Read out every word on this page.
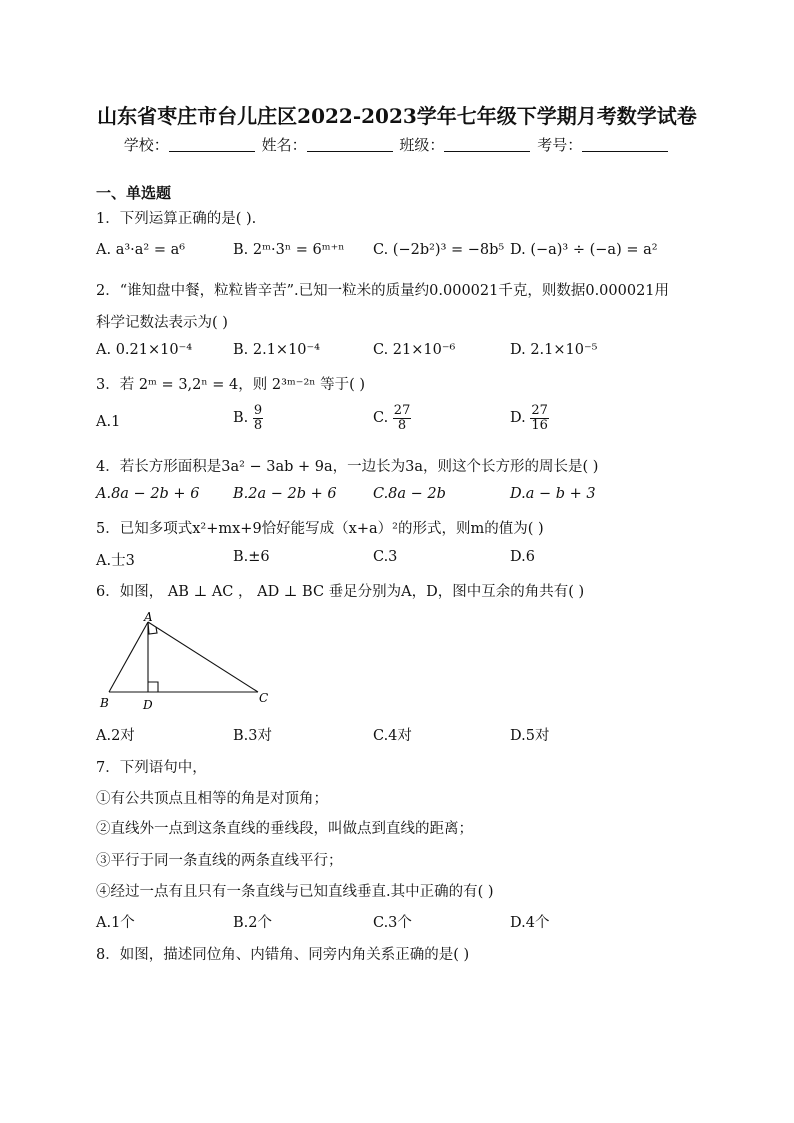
山东省枣庄市台儿庄区2022-2023学年七年级下学期月考数学试卷
学校：	姓名：	班级：	考号：
一、单选题
1．下列运算正确的是( ).
A. a³·a² = a⁶	B. 2ᵐ·3ⁿ = 6ᵐ⁺ⁿ C. (−2b²)³ = −8b⁵ D. (−a)³ ÷ (−a) = a²
2．“谁知盘中餐，粒粒皆辛苦”.已知一粒米的质量约0.000021千克，则数据0.000021用
科学记数法表示为( )
A. 0.21×10⁻⁴	B. 2.1×10⁻⁴	C. 21×10⁻⁶	D. 2.1×10⁻⁵
3．若 2ᵐ = 3,2ⁿ = 4，则 2³ᵐ⁻²ⁿ 等于( )
A.1	B. $\frac{9}{8}$	C. $\frac{27}{8}$	D. $\frac{27}{16}$
4．若长方形面积是3a² − 3ab + 9a，一边长为3a，则这个长方形的周长是( )
A.8a − 2b + 6 B.2a − 2b + 6	C.8a − 2b	D.a − b + 3
5．已知多项式x²+mx+9恰好能写成（x+a）²的形式，则m的值为( )
A.士3	B.±6	C.3	D.6
6．如图， AB ⊥ AC ， AD ⊥ BC 垂足分别为A，D，图中互余的角共有( )
A
B	D	C
A.2对	B.3对	C.4对	D.5对
7．下列语句中，
①有公共顶点且相等的角是对顶角；
②直线外一点到这条直线的垂线段，叫做点到直线的距离；
③平行于同一条直线的两条直线平行；
④经过一点有且只有一条直线与已知直线垂直.其中正确的有( )
A.1个	B.2个	C.3个	D.4个
8．如图，描述同位角、内错角、同旁内角关系正确的是( )
